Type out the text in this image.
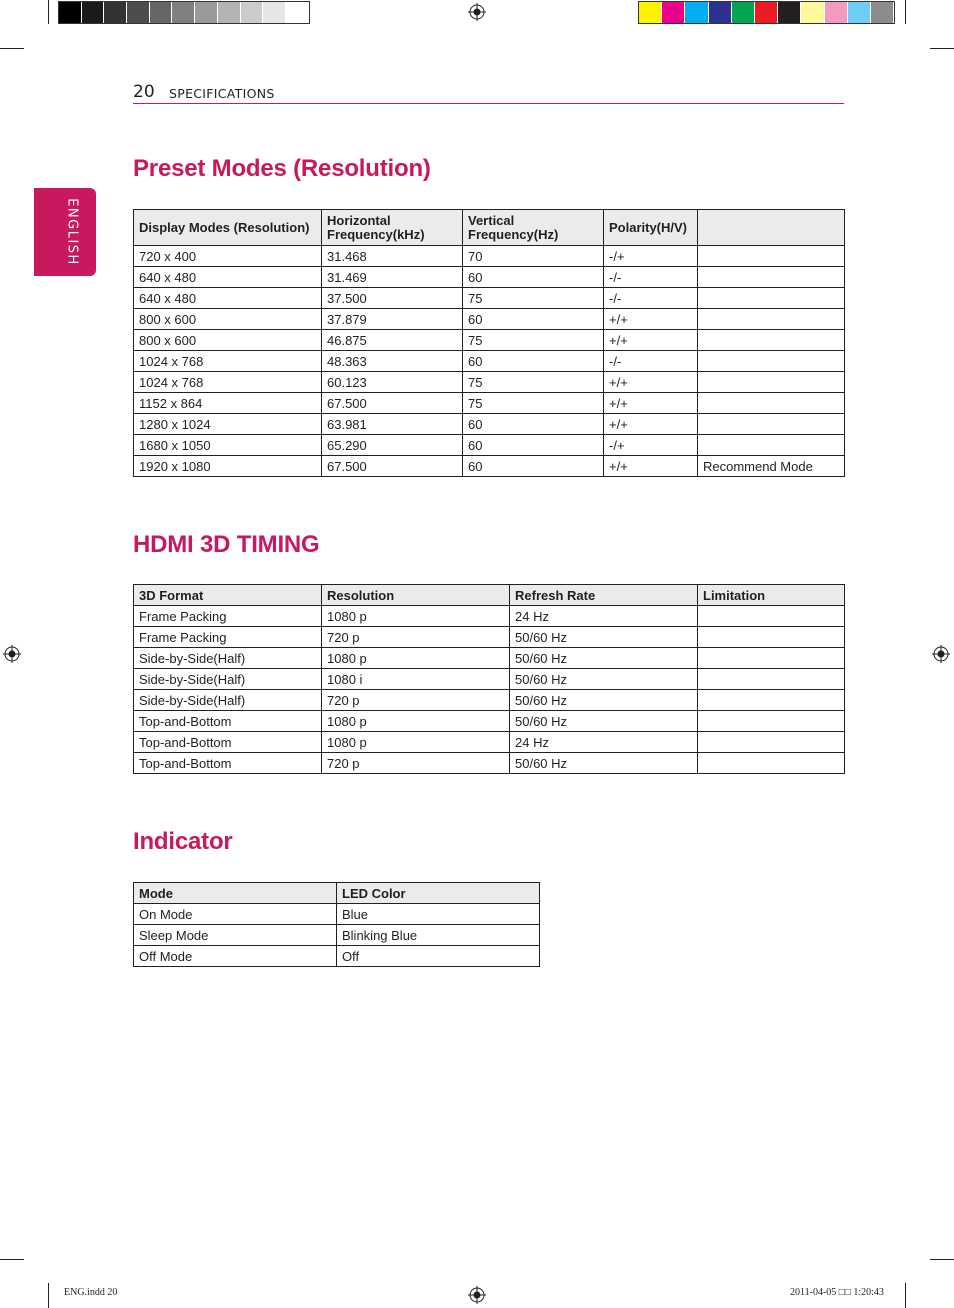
20 SPECIFICATIONS
ENGLISH
Preset Modes (Resolution)
Display Modes (Resolution)	Horizontal Frequency(kHz)	Vertical Frequency(Hz)	Polarity(H/V)	
720 x 400	31.468	70	-/+	
640 x 480	31.469	60	-/-	
640 x 480	37.500	75	-/-	
800 x 600	37.879	60	+/+	
800 x 600	46.875	75	+/+	
1024 x 768	48.363	60	-/-	
1024 x 768	60.123	75	+/+	
1152 x 864	67.500	75	+/+	
1280 x 1024	63.981	60	+/+	
1680 x 1050	65.290	60	-/+	
1920 x 1080	67.500	60	+/+	Recommend Mode
HDMI 3D TIMING
3D Format	Resolution	Refresh Rate	Limitation
Frame Packing	1080 p	24 Hz	
Frame Packing	720 p	50/60 Hz	
Side-by-Side(Half)	1080 p	50/60 Hz	
Side-by-Side(Half)	1080 i	50/60 Hz	
Side-by-Side(Half)	720 p	50/60 Hz	
Top-and-Bottom	1080 p	50/60 Hz	
Top-and-Bottom	1080 p	24 Hz	
Top-and-Bottom	720 p	50/60 Hz	
Indicator
Mode	LED Color
On Mode	Blue
Sleep Mode	Blinking Blue
Off Mode	Off
ENG.indd 20	2011-04-05 □□ 1:20:43
